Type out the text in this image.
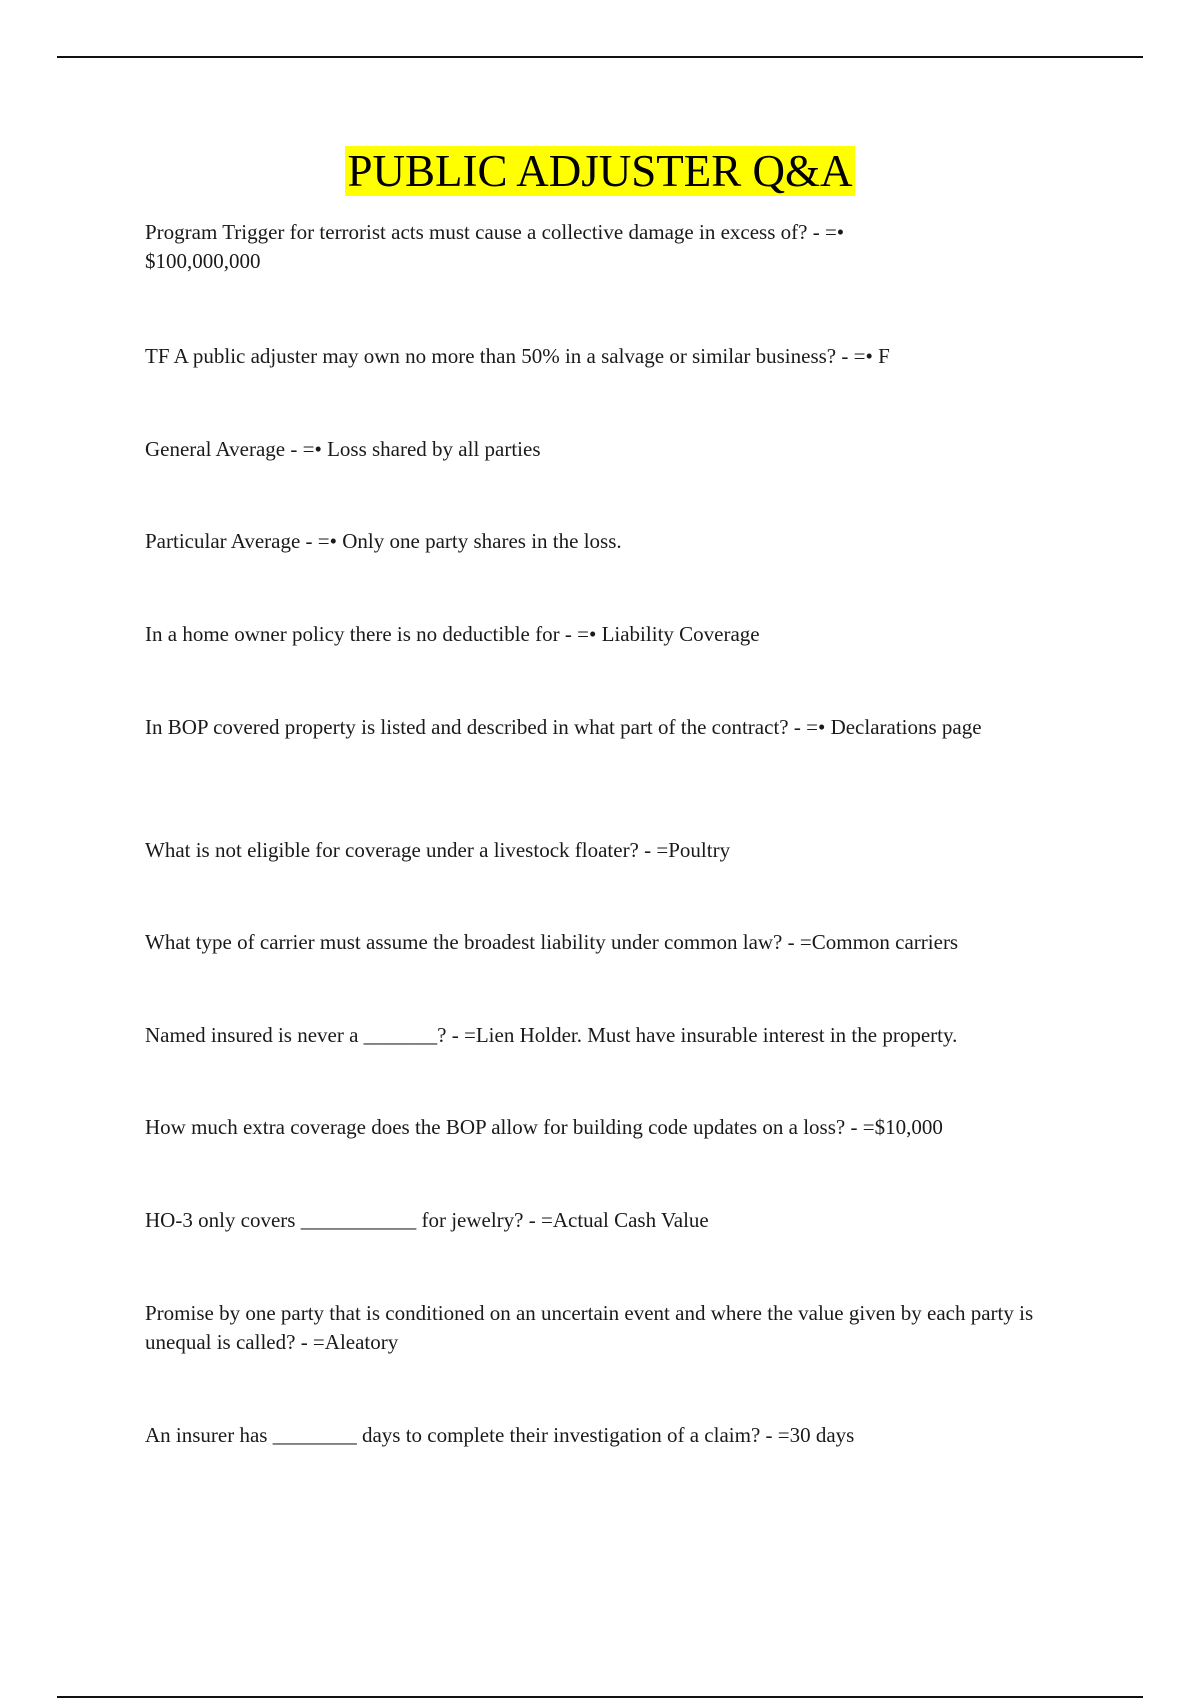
PUBLIC ADJUSTER Q&A

Program Trigger for terrorist acts must cause a collective damage in excess of? - =•
$100,000,000

TF A public adjuster may own no more than 50% in a salvage or similar business? - =• F

General Average - =• Loss shared by all parties

Particular Average - =• Only one party shares in the loss.

In a home owner policy there is no deductible for - =• Liability Coverage

In BOP covered property is listed and described in what part of the contract? - =• Declarations page

What is not eligible for coverage under a livestock floater? - =Poultry

What type of carrier must assume the broadest liability under common law? - =Common carriers

Named insured is never a _______? - =Lien Holder. Must have insurable interest in the property.

How much extra coverage does the BOP allow for building code updates on a loss? - =$10,000

HO-3 only covers ___________ for jewelry? - =Actual Cash Value

Promise by one party that is conditioned on an uncertain event and where the value given by each party is unequal is called? - =Aleatory

An insurer has ________ days to complete their investigation of a claim? - =30 days
